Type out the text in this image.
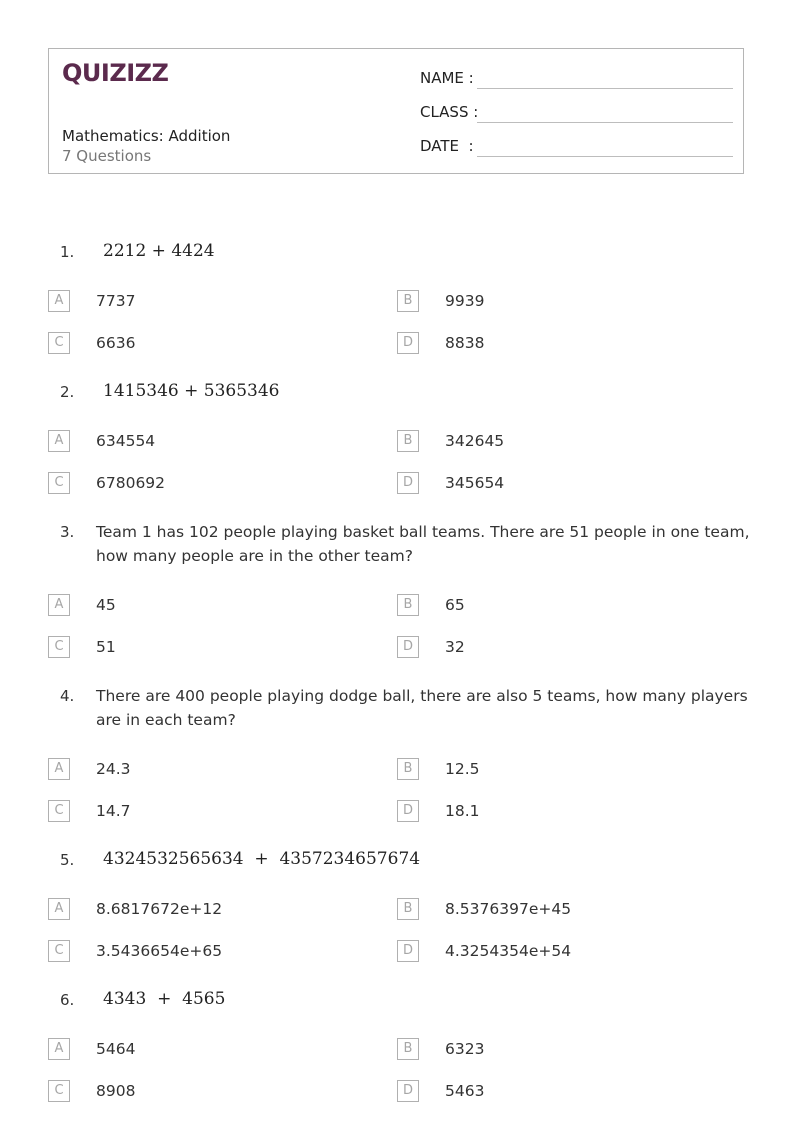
QUIZIZZ
Mathematics: Addition
7 Questions
NAME :
CLASS :
DATE  :
1. 2212 + 4424
A	7737	B	9939
C	6636	D	8838
2. 1415346 + 5365346
A	634554	B	342645
C	6780692	D	345654
3. Team 1 has 102 people playing basket ball teams. There are 51 people in one team, how many people are in the other team?
A	45	B	65
C	51	D	32
4. There are 400 people playing dodge ball, there are also 5 teams, how many players are in each team?
A	24.3	B	12.5
C	14.7	D	18.1
5. 4324532565634  +  4357234657674
A	8.6817672e+12	B	8.5376397e+45
C	3.5436654e+65	D	4.3254354e+54
6. 4343  +  4565
A	5464	B	6323
C	8908	D	5463
